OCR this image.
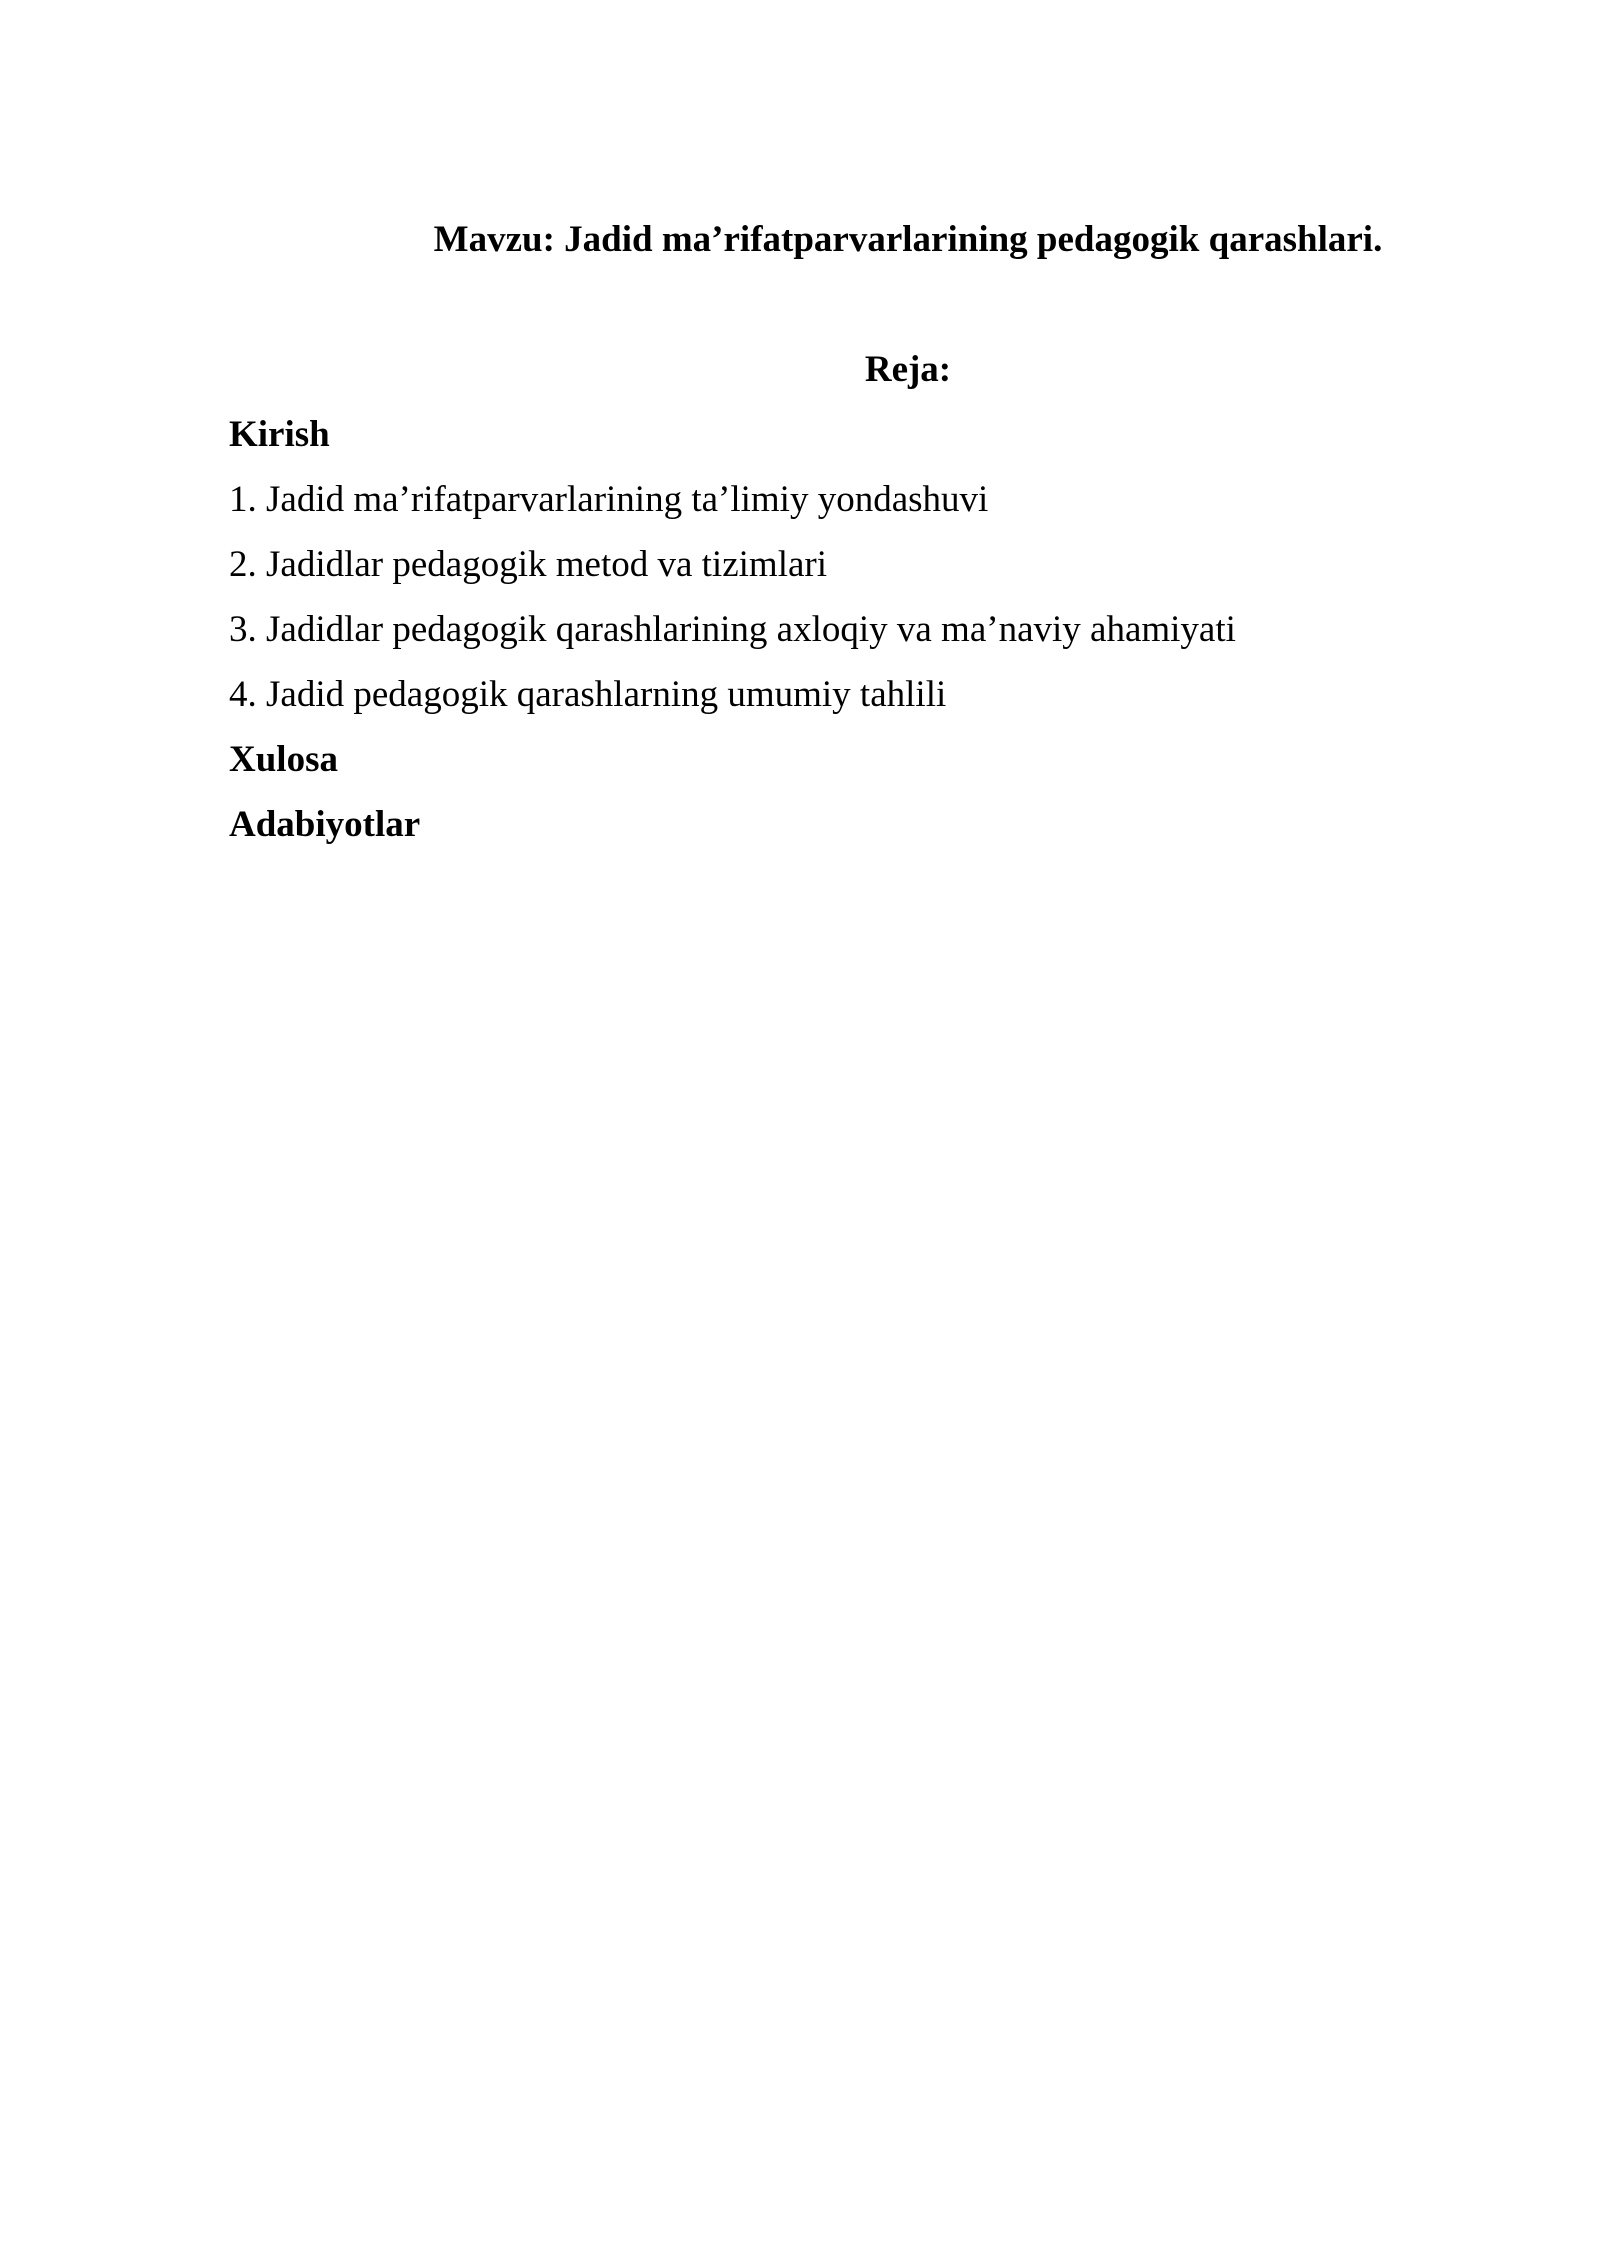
Mavzu: Jadid ma’rifatparvarlarining pedagogik qarashlari.
Reja:
Kirish
1. Jadid ma’rifatparvarlarining ta’limiy yondashuvi
2. Jadidlar pedagogik metod va tizimlari
3. Jadidlar pedagogik qarashlarining axloqiy va ma’naviy ahamiyati
4. Jadid pedagogik qarashlarning umumiy tahlili
Xulosa
Adabiyotlar
